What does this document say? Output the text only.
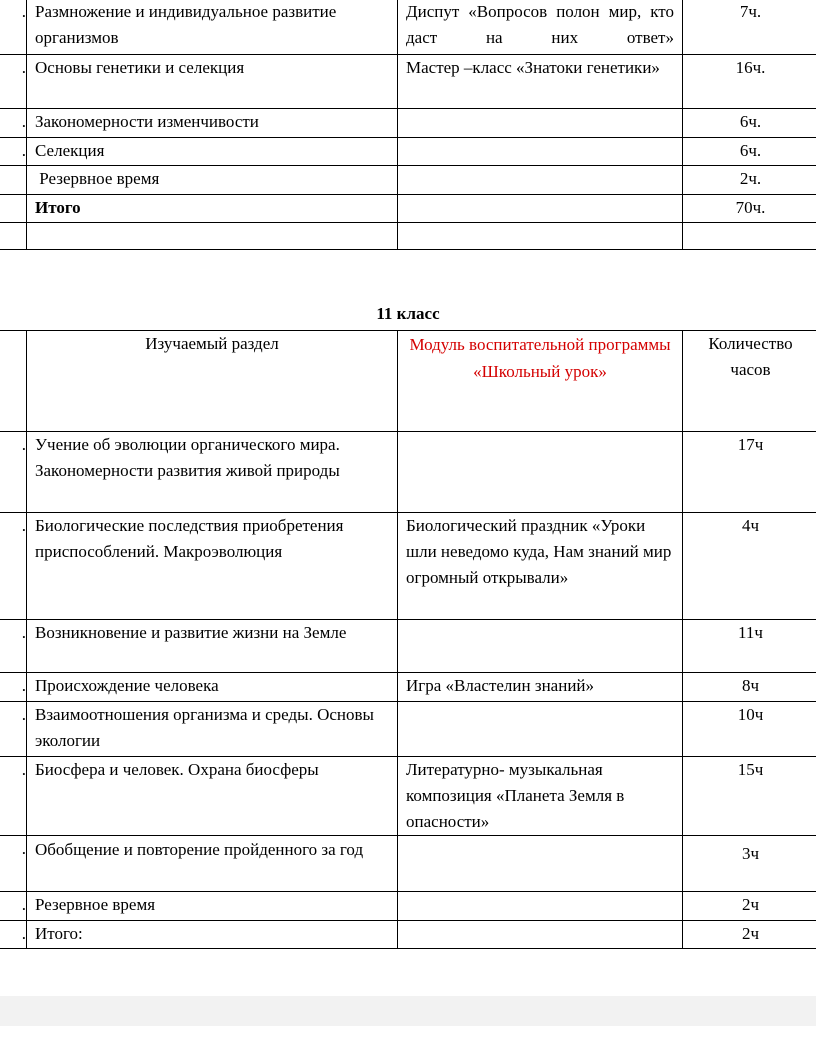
.	Размножение и индивидуальное развитие организмов	Диспут «Вопросов полон мир, кто даст на них ответ»	7ч.
.	Основы генетики и селекция	Мастер –класс «Знатоки генетики»	16ч.
.	Закономерности изменчивости		6ч.
.	Селекция		6ч.
	Резервное время		2ч.
	Итого		70ч.

11 класс
	Изучаемый раздел	Модуль воспитательной программы «Школьный урок»	Количество часов
.	Учение об эволюции органического мира. Закономерности развития живой природы		17ч
.	Биологические последствия приобретения приспособлений. Макроэволюция	Биологический праздник «Уроки шли неведомо куда, Нам знаний мир огромный открывали»	4ч
.	Возникновение и развитие жизни на Земле		11ч
.	Происхождение человека	Игра «Властелин знаний»	8ч
.	Взаимоотношения организма и среды. Основы экологии		10ч
.	Биосфера и человек. Охрана биосферы	Литературно- музыкальная композиция «Планета Земля в опасности»	15ч
.	Обобщение и повторение пройденного за год		3ч
.	Резервное время		2ч
.	Итого:		2ч
